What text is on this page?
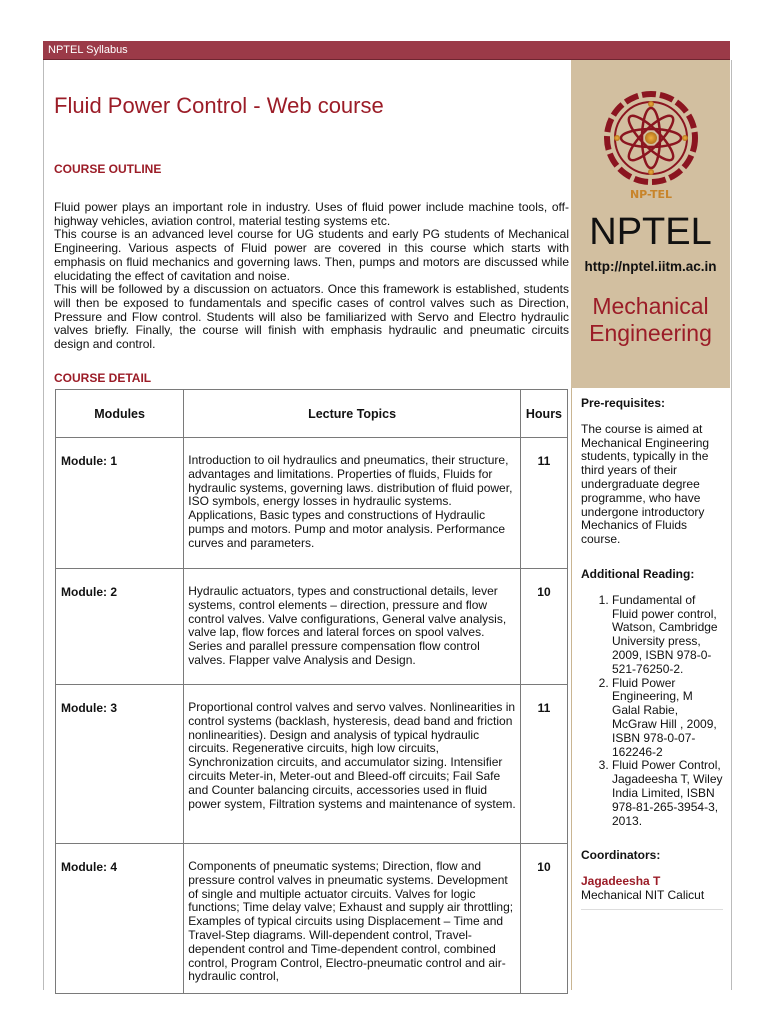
NPTEL Syllabus
Fluid Power Control - Web course
COURSE OUTLINE

Fluid power plays an important role in industry. Uses of fluid power include machine tools, off-highway vehicles, aviation control, material testing systems etc.

This course is an advanced level course for UG students and early PG students of Mechanical Engineering. Various aspects of Fluid power are covered in this course which starts with emphasis on fluid mechanics and governing laws. Then, pumps and motors are discussed while elucidating the effect of cavitation and noise.

This will be followed by a discussion on actuators. Once this framework is established, students will then be exposed to fundamentals and specific cases of control valves such as Direction, Pressure and Flow control. Students will also be familiarized with Servo and Electro hydraulic valves briefly. Finally, the course will finish with emphasis hydraulic and pneumatic circuits design and control.

COURSE DETAIL
Modules	Lecture Topics	Hours
Module: 1	Introduction to oil hydraulics and pneumatics, their structure, advantages and limitations. Properties of fluids, Fluids for hydraulic systems, governing laws. distribution of fluid power, ISO symbols, energy losses in hydraulic systems. Applications, Basic types and constructions of Hydraulic pumps and motors. Pump and motor analysis. Performance curves and parameters.	11
Module: 2	Hydraulic actuators, types and constructional details, lever systems, control elements – direction, pressure and flow control valves. Valve configurations, General valve analysis, valve lap, flow forces and lateral forces on spool valves. Series and parallel pressure compensation flow control valves. Flapper valve Analysis and Design.	10
Module: 3	Proportional control valves and servo valves. Nonlinearities in control systems (backlash, hysteresis, dead band and friction nonlinearities). Design and analysis of typical hydraulic circuits. Regenerative circuits, high low circuits, Synchronization circuits, and accumulator sizing. Intensifier circuits Meter-in, Meter-out and Bleed-off circuits; Fail Safe and Counter balancing circuits, accessories used in fluid power system, Filtration systems and maintenance of system.	11
Module: 4	Components of pneumatic systems; Direction, flow and pressure control valves in pneumatic systems. Development of single and multiple actuator circuits. Valves for logic functions; Time delay valve; Exhaust and supply air throttling; Examples of typical circuits using Displacement – Time and Travel-Step diagrams. Will-dependent control, Travel-dependent control and Time-dependent control, combined control, Program Control, Electro-pneumatic control and air-hydraulic control,	10
NP-TEL
NPTEL
http://nptel.iitm.ac.in
Mechanical
Engineering
Pre-requisites:

The course is aimed at Mechanical Engineering students, typically in the third years of their undergraduate degree programme, who have undergone introductory Mechanics of Fluids course.

Additional Reading:
1. Fundamental of Fluid power control, Watson, Cambridge University press, 2009, ISBN 978-0-521-76250-2.
2. Fluid Power Engineering, M Galal Rabie, McGraw Hill , 2009, ISBN 978-0-07-162246-2
3. Fluid Power Control, Jagadeesha T, Wiley India Limited, ISBN 978-81-265-3954-3, 2013.
Coordinators:
Jagadeesha T
Mechanical NIT Calicut
